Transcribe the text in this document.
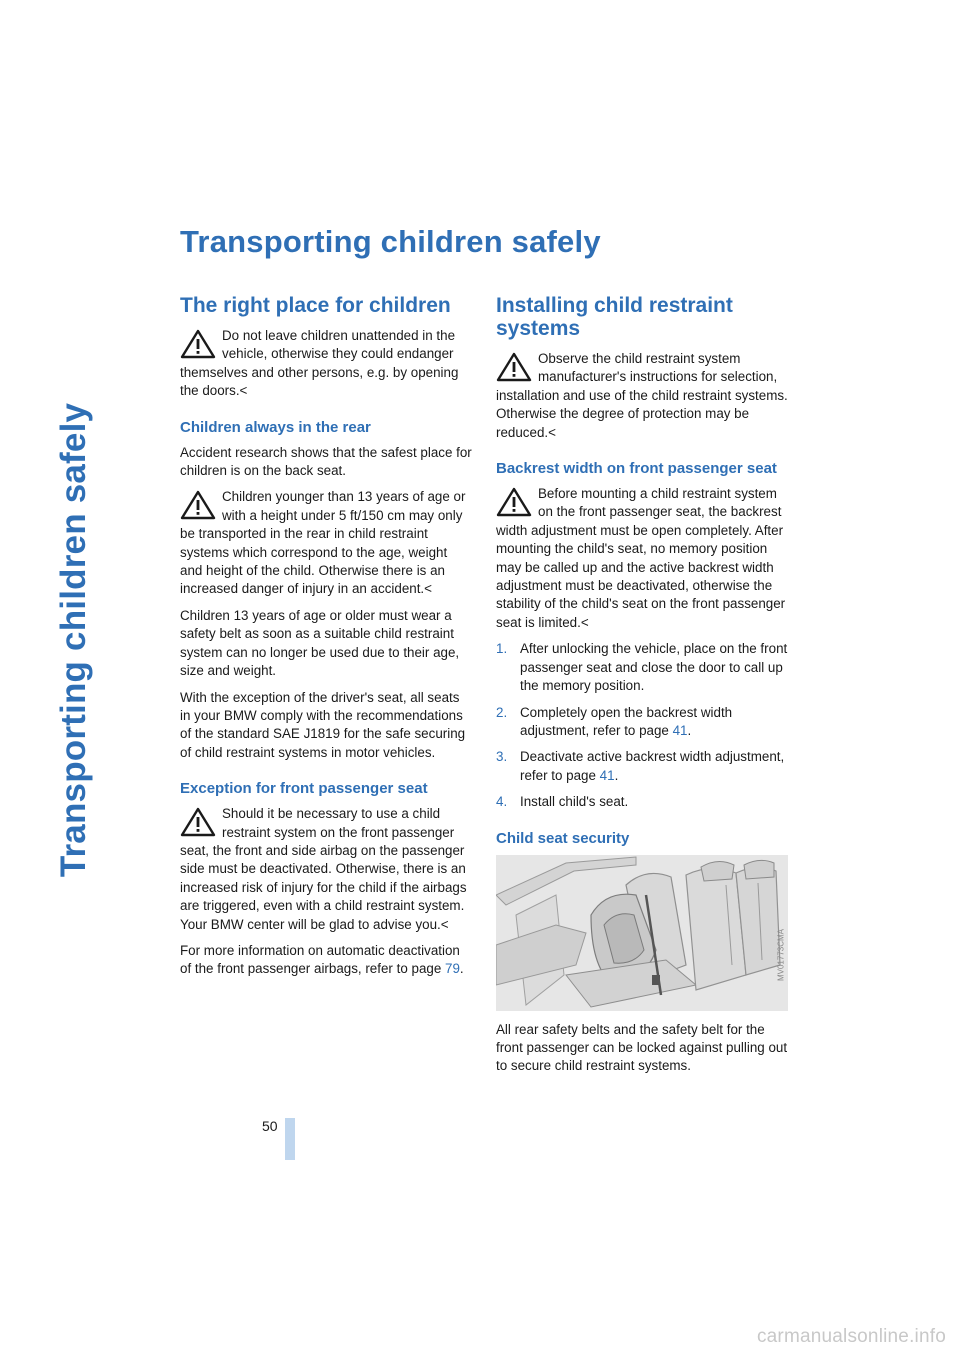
Transporting children safely
Transporting children safely
The right place for children

Do not leave children unattended in the vehicle, otherwise they could endanger themselves and other persons, e.g. by opening the doors.<

Children always in the rear

Accident research shows that the safest place for children is on the back seat.

Children younger than 13 years of age or with a height under 5 ft/150 cm may only be transported in the rear in child restraint systems which correspond to the age, weight and height of the child. Otherwise there is an increased danger of injury in an accident.<

Children 13 years of age or older must wear a safety belt as soon as a suitable child restraint system can no longer be used due to their age, size and weight.

With the exception of the driver's seat, all seats in your BMW comply with the recommendations of the standard SAE J1819 for the safe securing of child restraint systems in motor vehicles.

Exception for front passenger seat

Should it be necessary to use a child restraint system on the front passenger seat, the front and side airbag on the passenger side must be deactivated. Otherwise, there is an increased risk of injury for the child if the airbags are triggered, even with a child restraint system. Your BMW center will be glad to advise you.<

For more information on automatic deactivation of the front passenger airbags, refer to page 79.

Installing child restraint systems

Observe the child restraint system manufacturer's instructions for selection, installation and use of the child restraint systems. Otherwise the degree of protection may be reduced.<

Backrest width on front passenger seat

Before mounting a child restraint system on the front passenger seat, the backrest width adjustment must be open completely. After mounting the child's seat, no memory position may be called up and the active backrest width adjustment must be deactivated, otherwise the stability of the child's seat on the front passenger seat is limited.<

1. After unlocking the vehicle, place on the front passenger seat and close the door to call up the memory position.
2. Completely open the backrest width adjustment, refer to page 41.
3. Deactivate active backrest width adjustment, refer to page 41.
4. Install child's seat.
Child seat security
MV01773CMA

All rear safety belts and the safety belt for the front passenger can be locked against pulling out to secure child restraint systems.

50
carmanualsonline.info
